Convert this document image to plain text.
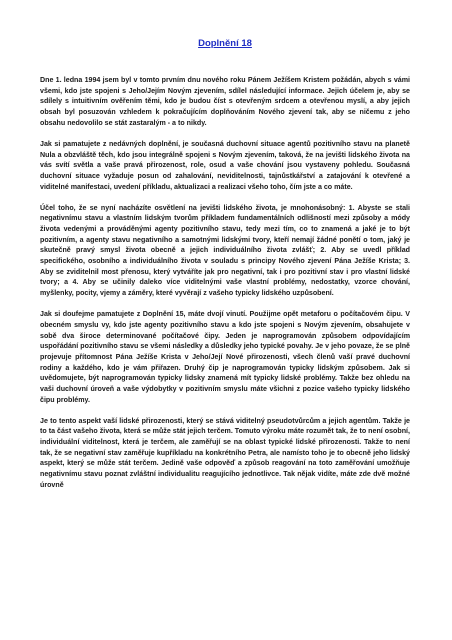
Doplnění 18

Dne 1. ledna 1994 jsem byl v tomto prvním dnu nového roku Pánem Ježíšem Kristem požádán, abych s vámi všemi, kdo jste spojeni s Jeho/Jejím Novým zjevením, sdílel následující informace. Jejich účelem je, aby se sdílely s intuitivním ověřením těmi, kdo je budou číst s otevřeným srdcem a otevřenou myslí, a aby jejich obsah byl posuzován vzhledem k pokračujícím doplňováním Nového zjevení tak, aby se ničemu z jeho obsahu nedovolilo se stát zastaralým - a to nikdy.

Jak si pamatujete z nedávných doplnění, je současná duchovní situace agentů pozitivního stavu na planetě Nula a obzvláště těch, kdo jsou integrálně spojeni s Novým zjevením, taková, že na jevišti lidského života na vás svítí světla a vaše pravá přirozenost, role, osud a vaše chování jsou vystaveny pohledu. Současná duchovní situace vyžaduje posun od zahalování, neviditelnosti, tajnůstkářství a zatajování k otevřené a viditelné manifestaci, uvedení příkladu, aktualizaci a realizaci všeho toho, čím jste a co máte.

Účel toho, že se nyní nacházíte osvětlení na jevišti lidského života, je mnohonásobný: 1. Abyste se stali negativnímu stavu a vlastním lidským tvorům příkladem fundamentálních odlišností mezi způsoby a módy života vedenými a prováděnými agenty pozitivního stavu, tedy mezi tím, co to znamená a jaké je to být pozitivním, a agenty stavu negativního a samotnými lidskými tvory, kteří nemají žádné ponětí o tom, jaký je skutečně pravý smysl života obecně a jejich individuálního života zvlášť; 2. Aby se uvedl příklad specifického, osobního a individuálního života v souladu s principy Nového zjevení Pána Ježíše Krista; 3. Aby se zviditelnil most přenosu, který vytváříte jak pro negativní, tak i pro pozitivní stav i pro vlastní lidské tvory; a 4. Aby se učinily daleko více viditelnými vaše vlastní problémy, nedostatky, vzorce chování, myšlenky, pocity, vjemy a záměry, které vyvěrají z vašeho typicky lidského uzpůsobení.

Jak si doufejme pamatujete z Doplnění 15, máte dvojí vinutí. Použijme opět metaforu o počítačovém čipu. V obecném smyslu vy, kdo jste agenty pozitivního stavu a kdo jste spojeni s Novým zjevením, obsahujete v sobě dva široce determinované počítačové čipy. Jeden je naprogramován způsobem odpovídajícím uspořádání pozitivního stavu se všemi následky a důsledky jeho typické povahy. Je v jeho povaze, že se plně projevuje přítomnost Pána Ježíše Krista v Jeho/Její Nové přirozenosti, všech členů vaší pravé duchovní rodiny a každého, kdo je vám přiřazen. Druhý čip je naprogramován typicky lidským způsobem. Jak si uvědomujete, být naprogramován typicky lidsky znamená mít typicky lidské problémy. Takže bez ohledu na vaši duchovní úroveň a vaše výdobytky v pozitivním smyslu máte všichni z pozice vašeho typicky lidského čipu problémy.

Je to tento aspekt vaší lidské přirozenosti, který se stává viditelný pseudotvůrcům a jejich agentům. Takže je to ta část vašeho života, která se může stát jejich terčem. Tomuto výroku máte rozumět tak, že to není osobní, individuální viditelnost, která je terčem, ale zaměřují se na oblast typické lidské přirozenosti. Takže to není tak, že se negativní stav zaměřuje kupříkladu na konkrétního Petra, ale namísto toho je to obecně jeho lidský aspekt, který se může stát terčem. Jedině vaše odpověď a způsob reagování na toto zaměřování umožňuje negativnímu stavu poznat zvláštní individualitu reagujícího jednotlivce. Tak nějak vidíte, máte zde dvě možné úrovně
